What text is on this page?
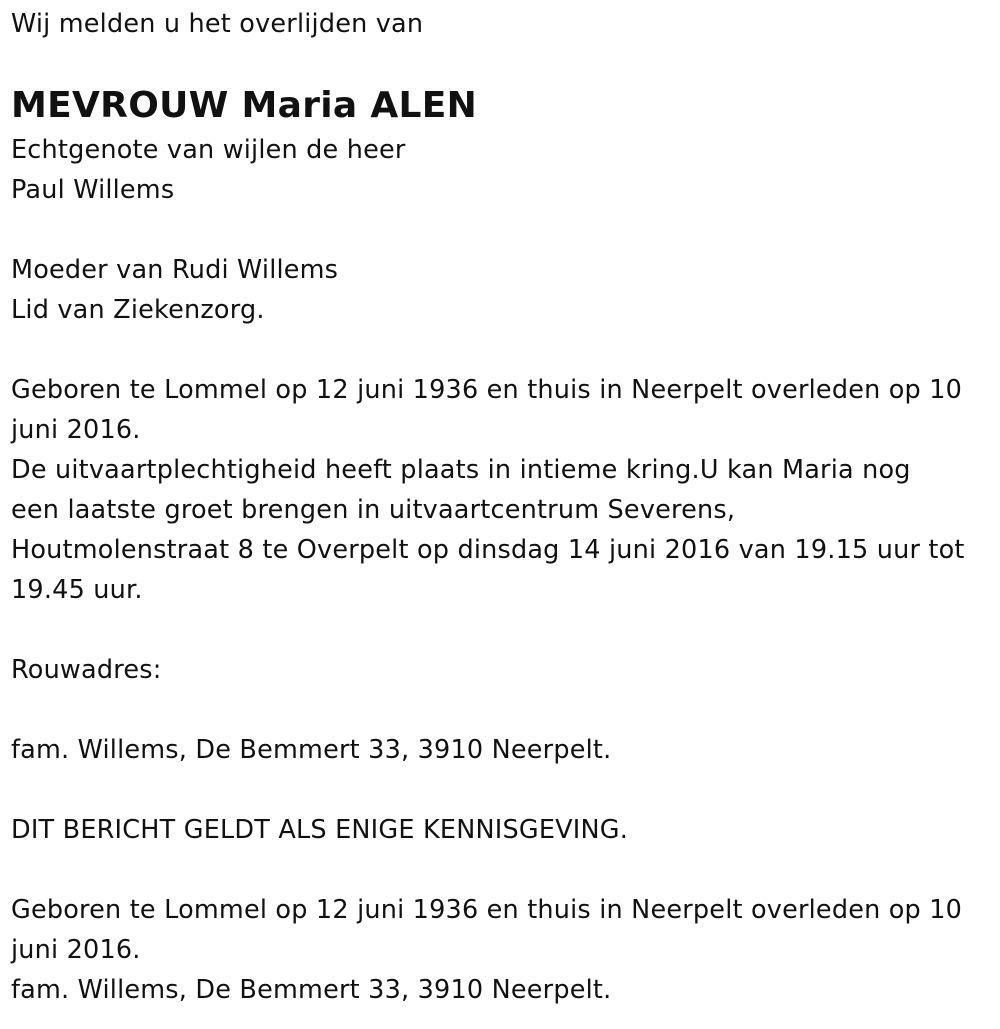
Wij melden u het overlijden van
MEVROUW Maria ALEN
Echtgenote van wijlen de heer
Paul Willems
Moeder van Rudi Willems
Lid van Ziekenzorg.
Geboren te Lommel op 12 juni 1936 en thuis in Neerpelt overleden op 10
juni 2016.
De uitvaartplechtigheid heeft plaats in intieme kring.U kan Maria nog
een laatste groet brengen in uitvaartcentrum Severens,
Houtmolenstraat 8 te Overpelt op dinsdag 14 juni 2016 van 19.15 uur tot
19.45 uur.
Rouwadres:
fam. Willems, De Bemmert 33, 3910 Neerpelt.
DIT BERICHT GELDT ALS ENIGE KENNISGEVING.
Geboren te Lommel op 12 juni 1936 en thuis in Neerpelt overleden op 10
juni 2016.
fam. Willems, De Bemmert 33, 3910 Neerpelt.
